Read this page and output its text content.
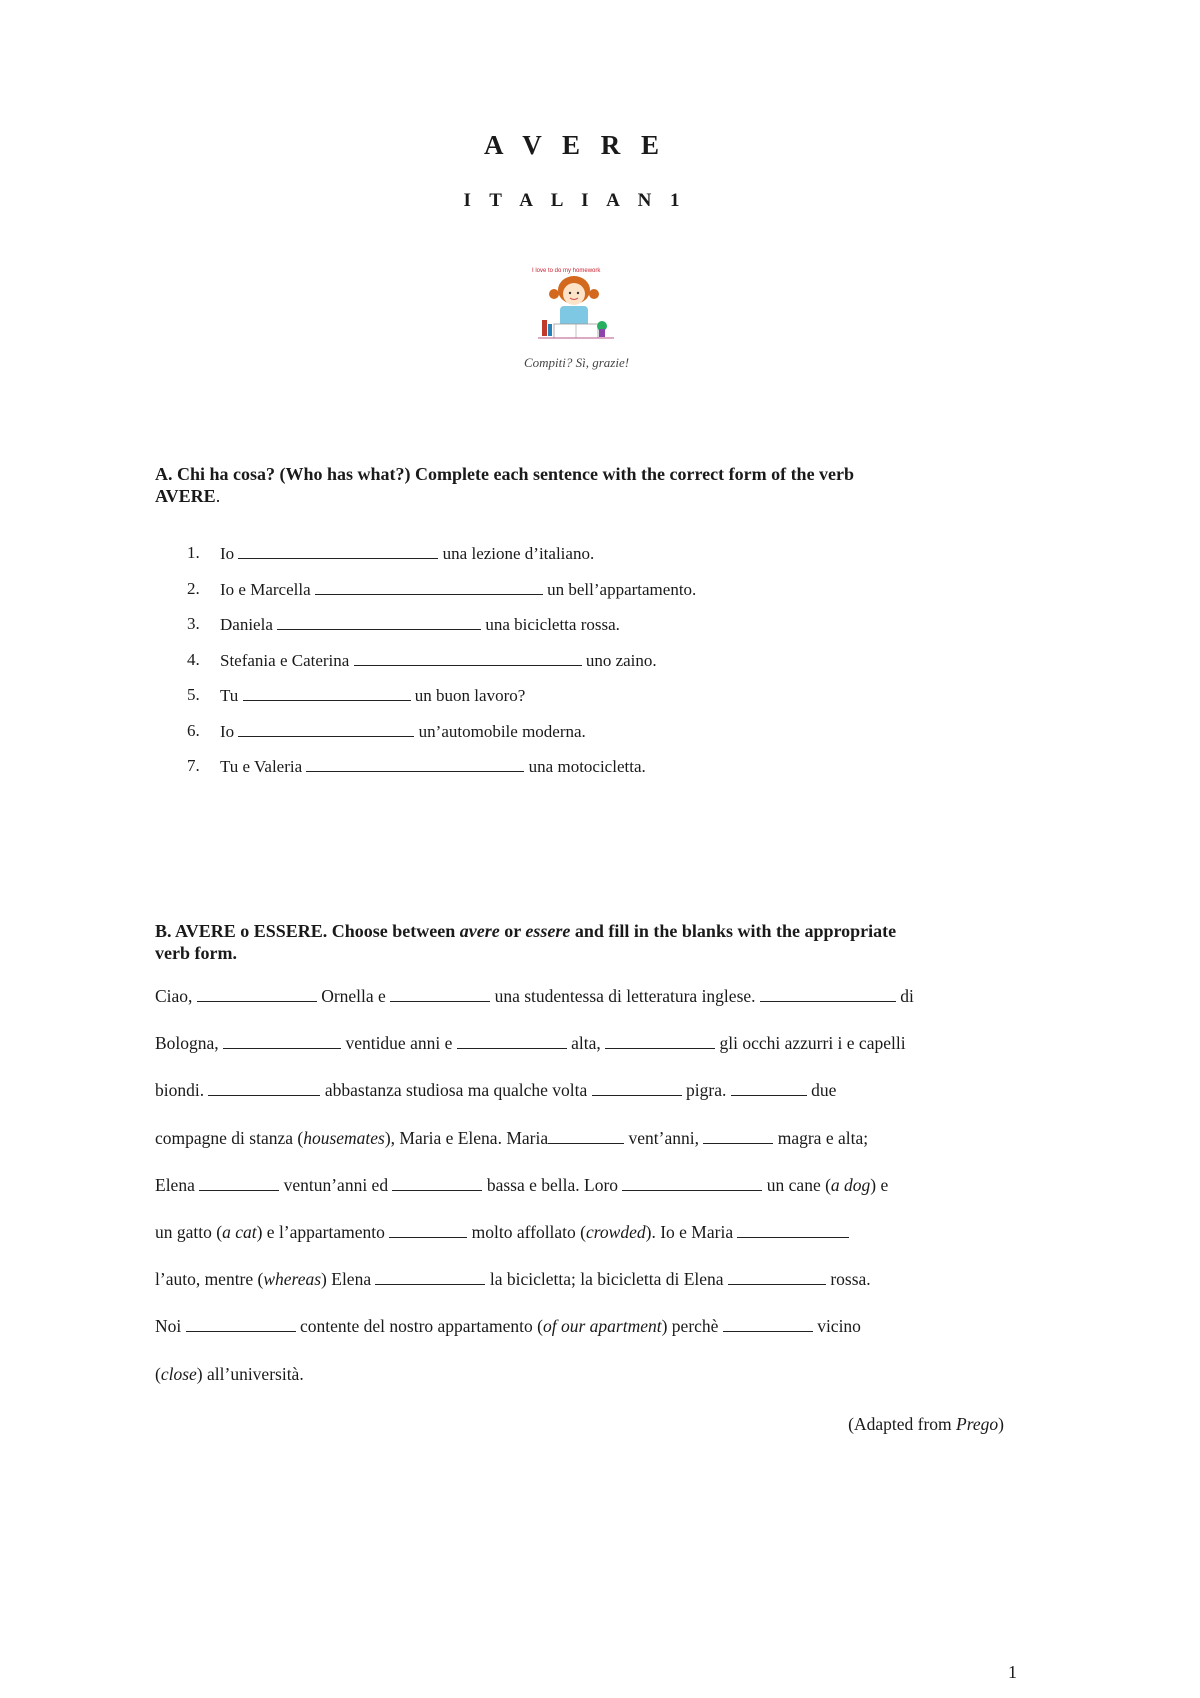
A V E R E
I T A L I A N 1
I love to do my homework
Compiti? Sì, grazie!
A. Chi ha cosa? (Who has what?) Complete each sentence with the correct form of the verb
AVERE.
1.	Io	una lezione d’italiano.
2.	Io e Marcella	un bell’appartamento.
3.	Daniela	una bicicletta rossa.
4.	Stefania e Caterina	uno zaino.
5.	Tu	un buon lavoro?
6.	Io	un’automobile moderna.
7.	Tu e Valeria	una motocicletta.
B. AVERE o ESSERE. Choose between avere or essere and fill in the blanks with the appropriate verb form.
Ciao,	Ornella e	una studentessa di letteratura inglese.	di
Bologna,	ventidue anni e	alta,	gli occhi azzurri i e capelli
biondi.	abbastanza studiosa ma qualche volta	pigra.	due
compagne di stanza (housemates), Maria e Elena. Maria	vent’anni,	magra e alta;
Elena	ventun’anni ed	bassa e bella. Loro	un cane (a dog) e
un gatto (a cat) e l’appartamento	molto affollato (crowded). Io e Maria
l’auto, mentre (whereas) Elena	la bicicletta; la bicicletta di Elena	rossa.
Noi	contente del nostro appartamento (of our apartment) perchè	vicino
(close) all’università.
(Adapted from Prego)
1
